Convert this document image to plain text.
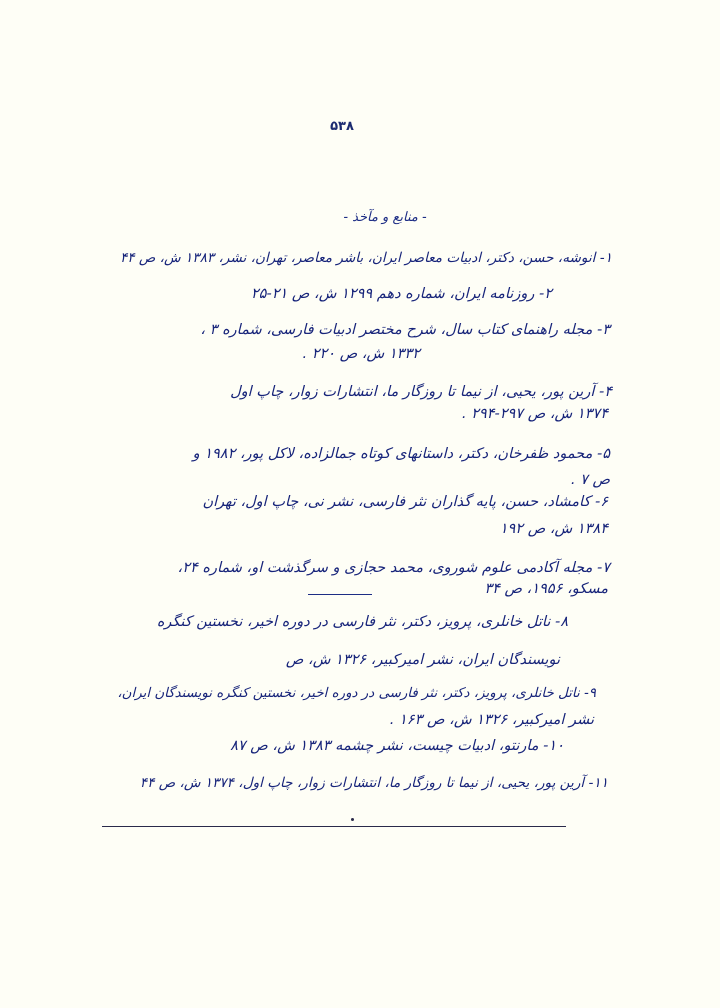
۵۳۸
- منابع و مآخذ -
۱- انوشه، حسن، دکتر، ادبیات معاصر ایران، باشر معاصر، تهران، نشر، ۱۳۸۳ ش، ص ۴۴
۲- روزنامه ایران، شماره دهم ۱۲۹۹ ش، ص ۲۱-۲۵
۳- مجله راهنمای کتاب سال، شرح مختصر ادبیات فارسی، شماره ۳ ،
۱۳۳۲ ش، ص ۲۲۰ .
۴- آرین پور، یحیی، از نیما تا روزگار ما، انتشارات زوار، چاپ اول
۱۳۷۴ ش، ص ۲۹۷-۲۹۴ .
۵- محمود ظفرخان، دکتر، داستانهای کوتاه جمالزاده، لاکل پور، ۱۹۸۲ و
ص ۷ .
۶- کامشاد، حسن، پایه گذاران نثر فارسی، نشر نی، چاپ اول، تهران
۱۳۸۴ ش، ص ۱۹۲
۷- مجله آکادمی علوم شوروی، محمد حجازی و سرگذشت او، شماره ۲۴،
مسکو، ۱۹۵۶، ص ۳۴
۸- ناتل خانلری، پرویز، دکتر، نثر فارسی در دوره اخیر، نخستین کنگره
نویسندگان ایران، نشر امیرکبیر، ۱۳۲۶ ش، ص
۹- ناتل خانلری، پرویز، دکتر، نثر فارسی در دوره اخیر، نخستین کنگره نویسندگان ایران،
نشر امیرکبیر، ۱۳۲۶ ش، ص ۱۶۳ .
۱۰- مارنتو، ادبیات چیست، نشر چشمه ۱۳۸۳ ش، ص ۸۷
۱۱- آرین پور، یحیی، از نیما تا روزگار ما، انتشارات زوار، چاپ اول، ۱۳۷۴ ش، ص ۴۴
